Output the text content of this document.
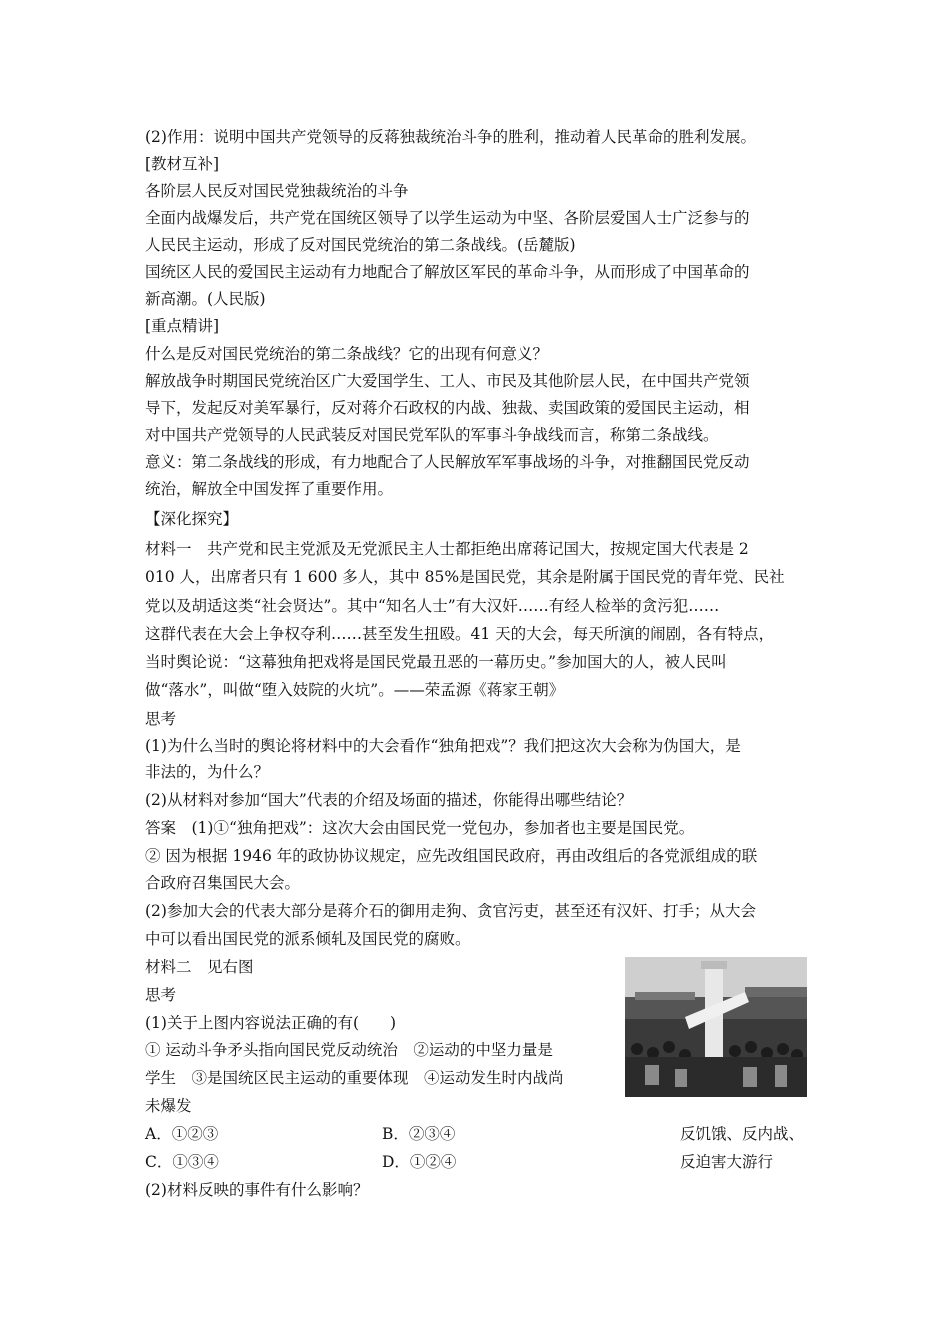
(2)作用：说明中国共产党领导的反蒋独裁统治斗争的胜利，推动着人民革命的胜利发展。
[教材互补]
各阶层人民反对国民党独裁统治的斗争
全面内战爆发后，共产党在国统区领导了以学生运动为中坚、各阶层爱国人士广泛参与的
人民民主运动，形成了反对国民党统治的第二条战线。(岳麓版)
国统区人民的爱国民主运动有力地配合了解放区军民的革命斗争，从而形成了中国革命的
新高潮。(人民版)
[重点精讲]
什么是反对国民党统治的第二条战线？它的出现有何意义？
解放战争时期国民党统治区广大爱国学生、工人、市民及其他阶层人民，在中国共产党领
导下，发起反对美军暴行，反对蒋介石政权的内战、独裁、卖国政策的爱国民主运动，相
对中国共产党领导的人民武装反对国民党军队的军事斗争战线而言，称第二条战线。
意义：第二条战线的形成，有力地配合了人民解放军军事战场的斗争，对推翻国民党反动
统治，解放全中国发挥了重要作用。
【深化探究】
材料一　共产党和民主党派及无党派民主人士都拒绝出席蒋记国大，按规定国大代表是 2
010 人，出席者只有 1 600 多人，其中 85%是国民党，其余是附属于国民党的青年党、民社
党以及胡适这类“社会贤达”。其中“知名人士”有大汉奸……有经人检举的贪污犯……
这群代表在大会上争权夺利……甚至发生扭殴。41 天的大会，每天所演的闹剧，各有特点，
当时舆论说：“这幕独角把戏将是国民党最丑恶的一幕历史。”参加国大的人，被人民叫
做“落水”，叫做“堕入妓院的火坑”。——荣孟源《蒋家王朝》
思考
(1)为什么当时的舆论将材料中的大会看作“独角把戏”？我们把这次大会称为伪国大，是
非法的，为什么？
(2)从材料对参加“国大”代表的介绍及场面的描述，你能得出哪些结论？
答案　(1)①“独角把戏”：这次大会由国民党一党包办，参加者也主要是国民党。
② 因为根据 1946 年的政协协议规定，应先改组国民政府，再由改组后的各党派组成的联
合政府召集国民大会。
(2)参加大会的代表大部分是蒋介石的御用走狗、贪官污吏，甚至还有汉奸、打手；从大会
中可以看出国民党的派系倾轧及国民党的腐败。
材料二　见右图
思考
(1)关于上图内容说法正确的有(　　)
① 运动斗争矛头指向国民党反动统治　②运动的中坚力量是
学生　③是国统区民主运动的重要体现　④运动发生时内战尚
未爆发
A．①②③
C．①③④
(2)材料反映的事件有什么影响？
B．②③④
D．①②④
反饥饿、反内战、
反迫害大游行
